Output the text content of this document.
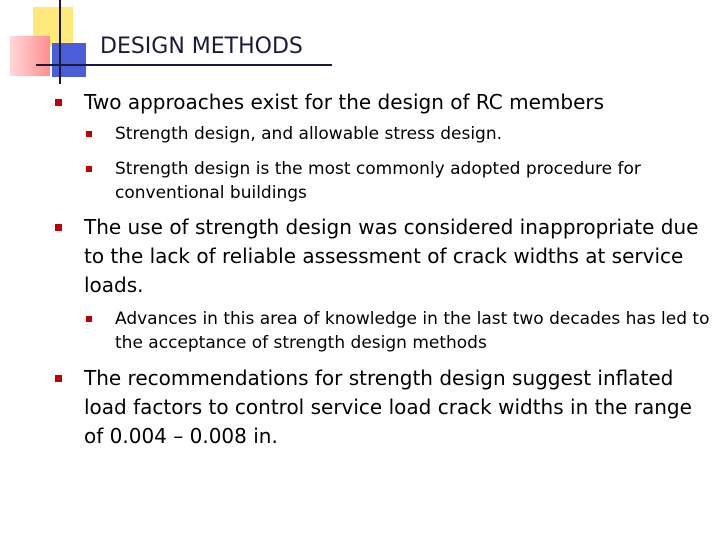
DESIGN METHODS
Two approaches exist for the design of RC members
Strength design, and allowable stress design.
Strength design is the most commonly adopted procedure for conventional buildings
The use of strength design was considered inappropriate due to the lack of reliable assessment of crack widths at service loads.
Advances in this area of knowledge in the last two decades has led to the acceptance of strength design methods
The recommendations for strength design suggest inflated load factors to control service load crack widths in the range of 0.004 – 0.008 in.
